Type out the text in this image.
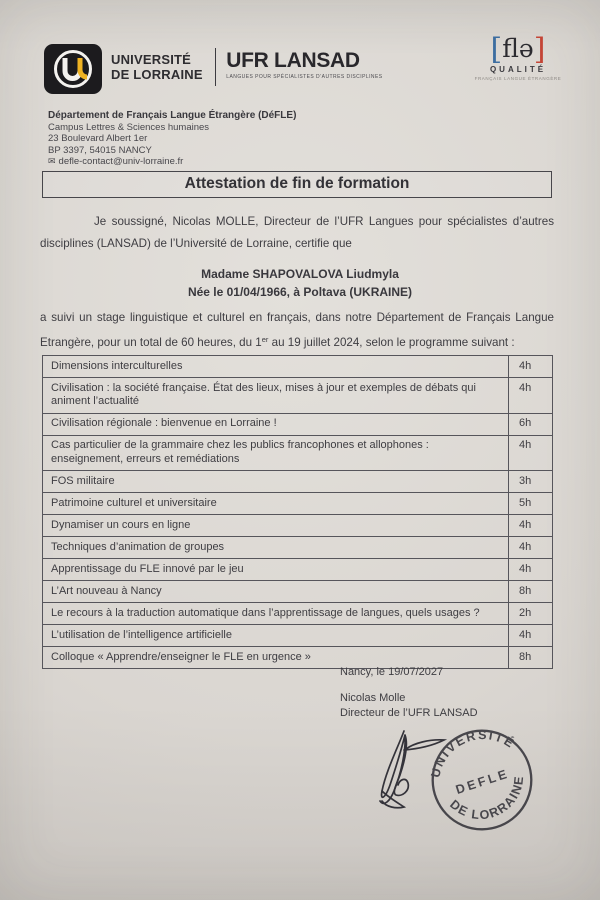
UNIVERSITÉ
DE LORRAINE
UFR LANSAD
LANGUES POUR SPÉCIALISTES D’AUTRES DISCIPLINES
[flə]
QUALITÉ
FRANÇAIS LANGUE ÉTRANGÈRE
Département de Français Langue Étrangère (DéFLE)
Campus Lettres & Sciences humaines
23 Boulevard Albert 1er
BP 3397, 54015 NANCY
✉ defle-contact@univ-lorraine.fr
Attestation de fin de formation

Je soussigné, Nicolas MOLLE, Directeur de l’UFR Langues pour spécialistes d’autres disciplines (LANSAD) de l’Université de Lorraine, certifie que

Madame SHAPOVALOVA Liudmyla
Née le 01/04/1966, à Poltava (UKRAINE)

a suivi un stage linguistique et culturel en français, dans notre Département de Français Langue Etrangère, pour un total de 60 heures, du 1er au 19 juillet 2024, selon le programme suivant :

Dimensions interculturelles	4h
Civilisation : la société française. État des lieux, mises à jour et exemples de débats qui animent l’actualité	4h
Civilisation régionale : bienvenue en Lorraine !	6h
Cas particulier de la grammaire chez les publics francophones et allophones : enseignement, erreurs et remédiations	4h
FOS militaire	3h
Patrimoine culturel et universitaire	5h
Dynamiser un cours en ligne	4h
Techniques d’animation de groupes	4h
Apprentissage du FLE innové par le jeu	4h
L’Art nouveau à Nancy	8h
Le recours à la traduction automatique dans l’apprentissage de langues, quels usages ?	2h
L’utilisation de l’intelligence artificielle	4h
Colloque « Apprendre/enseigner le FLE en urgence »	8h
Nancy, le 19/07/2027
Nicolas Molle
Directeur de l’UFR LANSAD
UNIVERSITÉ
DEFLE
DE LORRAINE
